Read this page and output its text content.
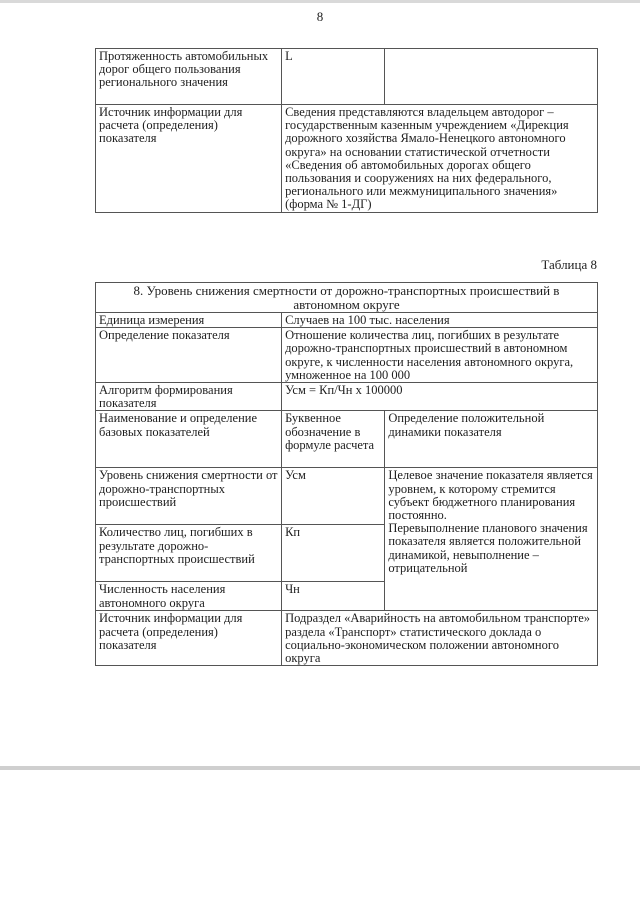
8
Протяженность автомобильных дорог общего пользования регионального значения	L	
Источник информации для расчета (определения) показателя	Сведения представляются владельцем автодорог – государственным казенным учреждением «Дирекция дорожного хозяйства Ямало-Ненецкого автономного округа» на основании статистической отчетности «Сведения об автомобильных дорогах общего пользования и сооружениях на них федерального, регионального или межмуниципального значения» (форма № 1-ДГ)	
Таблица 8
8. Уровень снижения смертности от дорожно-транспортных происшествий в автономном округе		
Единица измерения	Случаев на 100 тыс. населения	
Определение показателя	Отношение количества лиц, погибших в результате дорожно-транспортных происшествий в автономном округе, к численности населения автономного округа, умноженное на 100 000	
Алгоритм формирования показателя	Усм = Кп/Чн х 100000	
Наименование и определение базовых показателей	Буквенное обозначение в формуле расчета	Определение положительной динамики показателя
Уровень снижения смертности от дорожно-транспортных происшествий	Усм	Целевое значение показателя является уровнем, к которому стремится субъект бюджетного планирования постоянно.
Перевыполнение планового значения показателя является положительной динамикой, невыполнение – отрицательной

Количество лиц, погибших в результате дорожно-транспортных происшествий	Кп	
Численность населения автономного округа	Чн	
Источник информации для расчета (определения) показателя	Подраздел «Аварийность на автомобильном транспорте» раздела «Транспорт» статистического доклада о социально-экономическом положении автономного округа	
